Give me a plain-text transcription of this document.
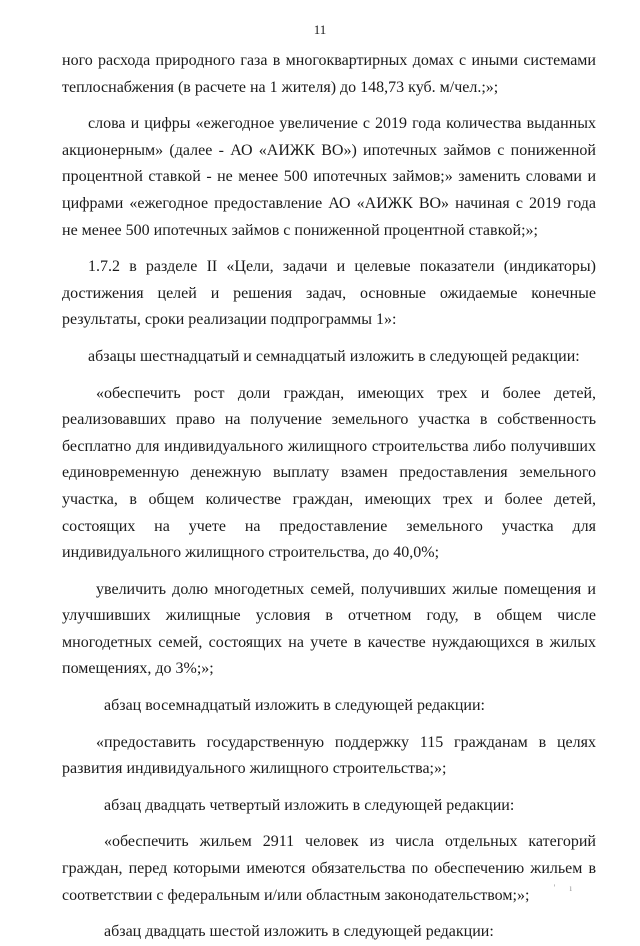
11

ного расхода природного газа в многоквартирных домах с иными системами теплоснабжения (в расчете на 1 жителя) до 148,73 куб. м/чел.;»;

слова и цифры «ежегодное увеличение с 2019 года количества выданных акционерным» (далее - АО «АИЖК ВО») ипотечных займов с пониженной процентной ставкой - не менее 500 ипотечных займов;» заменить словами и цифрами «ежегодное предоставление АО «АИЖК ВО» начиная с 2019 года не менее 500 ипотечных займов с пониженной процентной ставкой;»;

1.7.2 в разделе II «Цели, задачи и целевые показатели (индикаторы) достижения целей и решения задач, основные ожидаемые конечные результаты, сроки реализации подпрограммы 1»:

абзацы шестнадцатый и семнадцатый изложить в следующей редакции:

«обеспечить рост доли граждан, имеющих трех и более детей, реализовавших право на получение земельного участка в собственность бесплатно для индивидуального жилищного строительства либо получивших единовременную денежную выплату взамен предоставления земельного участка, в общем количестве граждан, имеющих трех и более детей, состоящих на учете на предоставление земельного участка для индивидуального жилищного строительства, до 40,0%;

увеличить долю многодетных семей, получивших жилые помещения и улучшивших жилищные условия в отчетном году, в общем числе многодетных семей, состоящих на учете в качестве нуждающихся в жилых помещениях, до 3%;»;

абзац восемнадцатый изложить в следующей редакции:

«предоставить государственную поддержку 115 гражданам в целях развития индивидуального жилищного строительства;»;

абзац двадцать четвертый изложить в следующей редакции:

«обеспечить жильем 2911 человек из числа отдельных категорий граждан, перед которыми имеются обязательства по обеспечению жильем в соответствии с федеральным и/или областным законодательством;»;

абзац двадцать шестой изложить в следующей редакции:

' ı
